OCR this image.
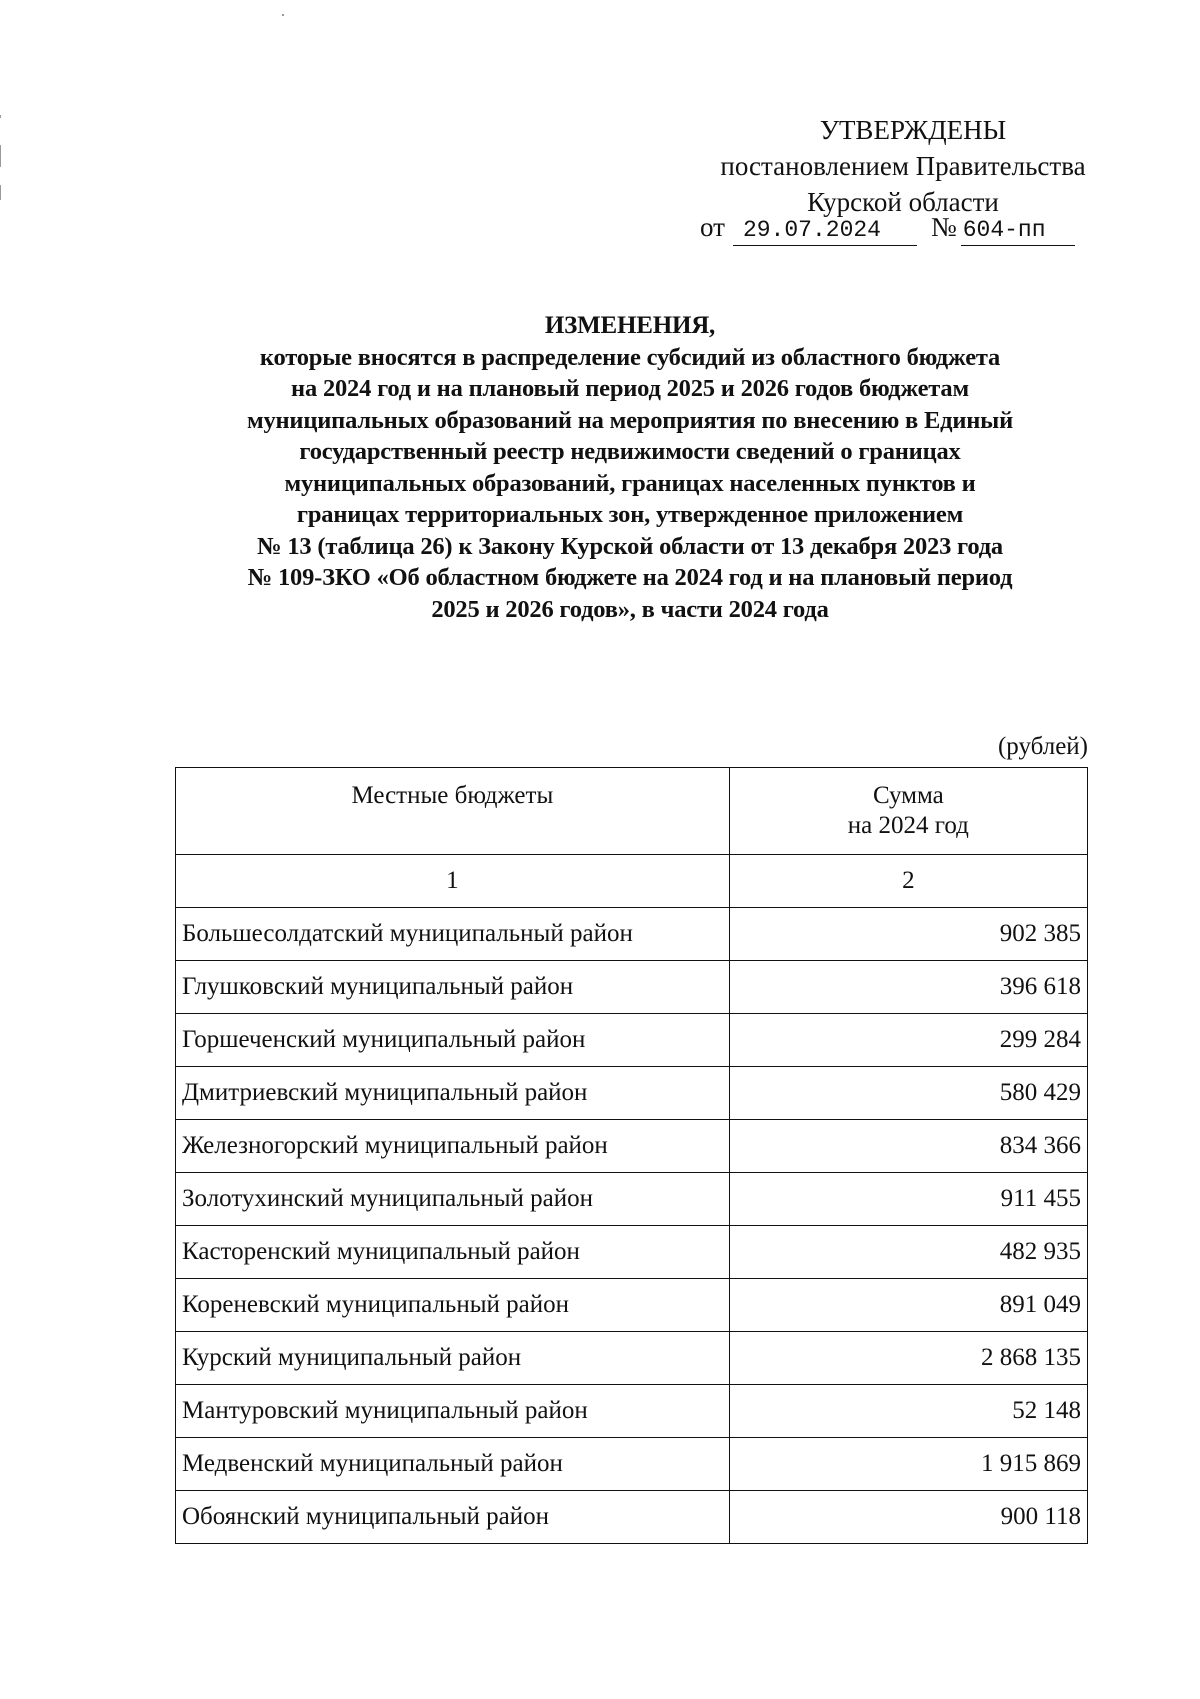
УТВЕРЖДЕНЫ
постановлением Правительства
Курской области
от 29.07.2024 № 604-пп
ИЗМЕНЕНИЯ,
которые вносятся в распределение субсидий из областного бюджета
на 2024 год и на плановый период 2025 и 2026 годов бюджетам
муниципальных образований на мероприятия по внесению в Единый
государственный реестр недвижимости сведений о границах
муниципальных образований, границах населенных пунктов и
границах территориальных зон, утвержденное приложением
№ 13 (таблица 26) к Закону Курской области от 13 декабря 2023 года
№ 109-ЗКО «Об областном бюджете на 2024 год и на плановый период
2025 и 2026 годов», в части 2024 года
(рублей)
Местные бюджеты	Сумма
на 2024 год

1	2
Большесолдатский муниципальный район	902 385
Глушковский муниципальный район	396 618
Горшеченский муниципальный район	299 284
Дмитриевский муниципальный район	580 429
Железногорский муниципальный район	834 366
Золотухинский муниципальный район	911 455
Касторенский муниципальный район	482 935
Кореневский муниципальный район	891 049
Курский муниципальный район	2 868 135
Мантуровский муниципальный район	52 148
Медвенский муниципальный район	1 915 869
Обоянский муниципальный район	900 118
